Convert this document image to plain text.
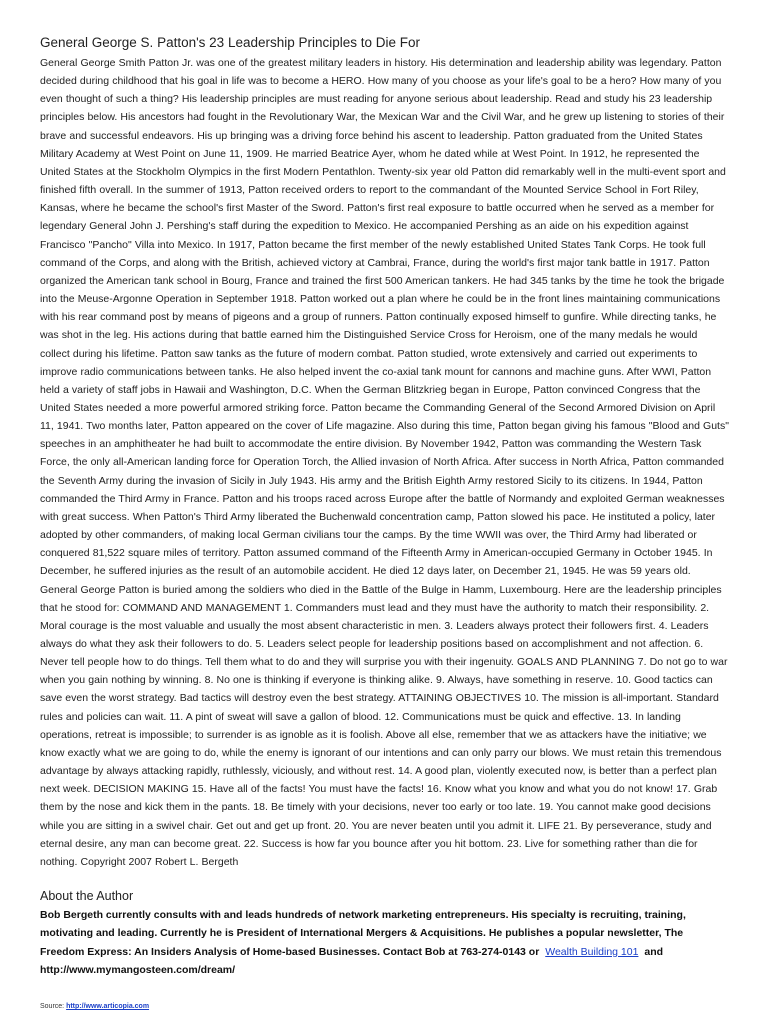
General George S. Patton's 23 Leadership Principles to Die For

General George Smith Patton Jr. was one of the greatest military leaders in history. His determination and leadership ability was legendary. Patton decided during childhood that his goal in life was to become a HERO. How many of you choose as your life's goal to be a hero? How many of you even thought of such a thing? His leadership principles are must reading for anyone serious about leadership. Read and study his 23 leadership principles below. His ancestors had fought in the Revolutionary War, the Mexican War and the Civil War, and he grew up listening to stories of their brave and successful endeavors. His up bringing was a driving force behind his ascent to leadership. Patton graduated from the United States Military Academy at West Point on June 11, 1909. He married Beatrice Ayer, whom he dated while at West Point. In 1912, he represented the United States at the Stockholm Olympics in the first Modern Pentathlon. Twenty-six year old Patton did remarkably well in the multi-event sport and finished fifth overall. In the summer of 1913, Patton received orders to report to the commandant of the Mounted Service School in Fort Riley, Kansas, where he became the school's first Master of the Sword. Patton's first real exposure to battle occurred when he served as a member for legendary General John J. Pershing's staff during the expedition to Mexico. He accompanied Pershing as an aide on his expedition against Francisco "Pancho" Villa into Mexico. In 1917, Patton became the first member of the newly established United States Tank Corps. He took full command of the Corps, and along with the British, achieved victory at Cambrai, France, during the world's first major tank battle in 1917. Patton organized the American tank school in Bourg, France and trained the first 500 American tankers. He had 345 tanks by the time he took the brigade into the Meuse-Argonne Operation in September 1918. Patton worked out a plan where he could be in the front lines maintaining communications with his rear command post by means of pigeons and a group of runners. Patton continually exposed himself to gunfire. While directing tanks, he was shot in the leg. His actions during that battle earned him the Distinguished Service Cross for Heroism, one of the many medals he would collect during his lifetime. Patton saw tanks as the future of modern combat. Patton studied, wrote extensively and carried out experiments to improve radio communications between tanks. He also helped invent the co-axial tank mount for cannons and machine guns. After WWI, Patton held a variety of staff jobs in Hawaii and Washington, D.C. When the German Blitzkrieg began in Europe, Patton convinced Congress that the United States needed a more powerful armored striking force. Patton became the Commanding General of the Second Armored Division on April 11, 1941. Two months later, Patton appeared on the cover of Life magazine. Also during this time, Patton began giving his famous "Blood and Guts" speeches in an amphitheater he had built to accommodate the entire division. By November 1942, Patton was commanding the Western Task Force, the only all-American landing force for Operation Torch, the Allied invasion of North Africa. After success in North Africa, Patton commanded the Seventh Army during the invasion of Sicily in July 1943. His army and the British Eighth Army restored Sicily to its citizens. In 1944, Patton commanded the Third Army in France. Patton and his troops raced across Europe after the battle of Normandy and exploited German weaknesses with great success. When Patton's Third Army liberated the Buchenwald concentration camp, Patton slowed his pace. He instituted a policy, later adopted by other commanders, of making local German civilians tour the camps. By the time WWII was over, the Third Army had liberated or conquered 81,522 square miles of territory. Patton assumed command of the Fifteenth Army in American-occupied Germany in October 1945. In December, he suffered injuries as the result of an automobile accident. He died 12 days later, on December 21, 1945. He was 59 years old. General George Patton is buried among the soldiers who died in the Battle of the Bulge in Hamm, Luxembourg. Here are the leadership principles that he stood for: COMMAND AND MANAGEMENT 1. Commanders must lead and they must have the authority to match their responsibility. 2. Moral courage is the most valuable and usually the most absent characteristic in men. 3. Leaders always protect their followers first. 4. Leaders always do what they ask their followers to do. 5. Leaders select people for leadership positions based on accomplishment and not affection. 6. Never tell people how to do things. Tell them what to do and they will surprise you with their ingenuity. GOALS AND PLANNING 7. Do not go to war when you gain nothing by winning. 8. No one is thinking if everyone is thinking alike. 9. Always, have something in reserve. 10. Good tactics can save even the worst strategy. Bad tactics will destroy even the best strategy. ATTAINING OBJECTIVES 10. The mission is all-important. Standard rules and policies can wait. 11. A pint of sweat will save a gallon of blood. 12. Communications must be quick and effective. 13. In landing operations, retreat is impossible; to surrender is as ignoble as it is foolish. Above all else, remember that we as attackers have the initiative; we know exactly what we are going to do, while the enemy is ignorant of our intentions and can only parry our blows. We must retain this tremendous advantage by always attacking rapidly, ruthlessly, viciously, and without rest. 14. A good plan, violently executed now, is better than a perfect plan next week. DECISION MAKING 15. Have all of the facts! You must have the facts! 16. Know what you know and what you do not know! 17. Grab them by the nose and kick them in the pants. 18. Be timely with your decisions, never too early or too late. 19. You cannot make good decisions while you are sitting in a swivel chair. Get out and get up front. 20. You are never beaten until you admit it. LIFE 21. By perseverance, study and eternal desire, any man can become great. 22. Success is how far you bounce after you hit bottom. 23. Live for something rather than die for nothing. Copyright 2007 Robert L. Bergeth

About the Author

Bob Bergeth currently consults with and leads hundreds of network marketing entrepreneurs. His specialty is recruiting, training, motivating and leading. Currently he is President of International Mergers & Acquisitions. He publishes a popular newsletter, The Freedom Express: An Insiders Analysis of Home-based Businesses. Contact Bob at 763-274-0143 or Wealth Building 101 and http://www.mymangosteen.com/dream/

Source: http://www.articopia.com
